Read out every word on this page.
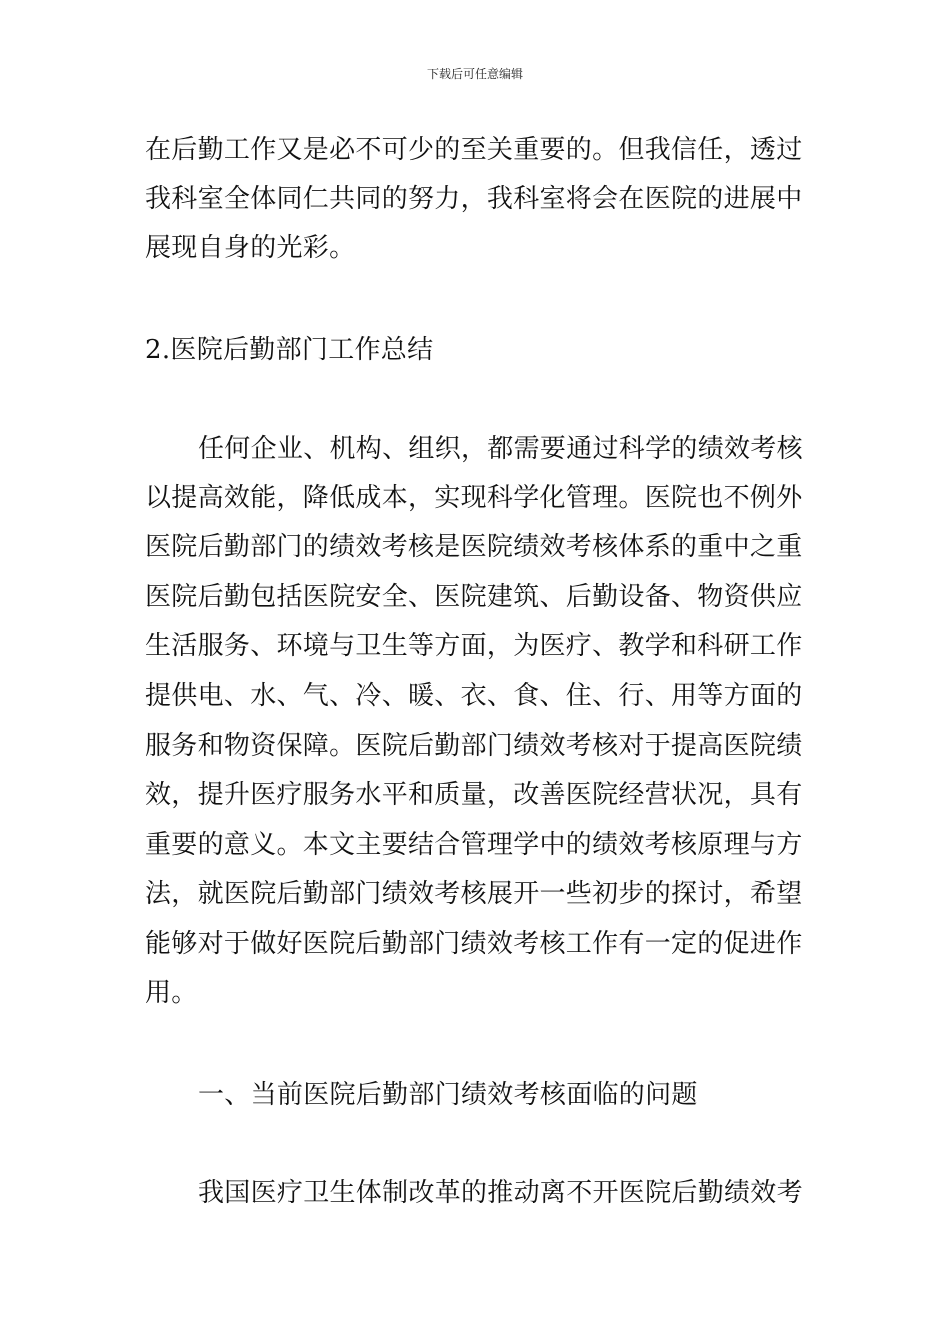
下载后可任意编辑
在后勤工作又是必不可少的至关重要的。但我信任，透过
我科室全体同仁共同的努力，我科室将会在医院的进展中
展现自身的光彩。
2.医院后勤部门工作总结
任何企业、机构、组织，都需要通过科学的绩效考核
以提高效能，降低成本，实现科学化管理。医院也不例外
医院后勤部门的绩效考核是医院绩效考核体系的重中之重
医院后勤包括医院安全、医院建筑、后勤设备、物资供应
生活服务、环境与卫生等方面，为医疗、教学和科研工作
提供电、水、气、冷、暖、衣、食、住、行、用等方面的
服务和物资保障。医院后勤部门绩效考核对于提高医院绩
效，提升医疗服务水平和质量，改善医院经营状况，具有
重要的意义。本文主要结合管理学中的绩效考核原理与方
法，就医院后勤部门绩效考核展开一些初步的探讨，希望
能够对于做好医院后勤部门绩效考核工作有一定的促进作
用。
一、当前医院后勤部门绩效考核面临的问题
我国医疗卫生体制改革的推动离不开医院后勤绩效考
